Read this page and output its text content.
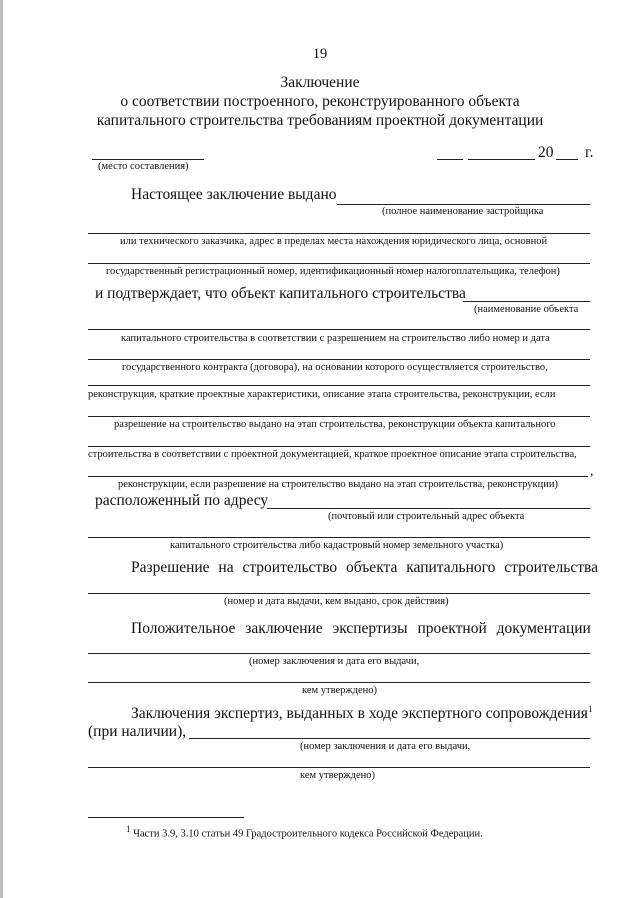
19
Заключение
о соответствии построенного, реконструированного объекта
капитального строительства требованиям проектной документации
(место составления)
20 г.
Настоящее заключение выдано
(полное наименование застройщика
или технического заказчика, адрес в пределах места нахождения юридического лица, основной
государственный регистрационный номер, идентификационный номер налогоплательщика, телефон)
и подтверждает, что объект капитального строительства
(наименование объекта
капитального строительства в соответствии с разрешением на строительство либо номер и дата
государственного контракта (договора), на основании которого осуществляется строительство,
реконструкция, краткие проектные характеристики, описание этапа строительства, реконструкции, если
разрешение на строительство выдано на этап строительства, реконструкции объекта капитального
строительства в соответствии с проектной документацией, краткое проектное описание этапа строительства,
,
реконструкции, если разрешение на строительство выдано на этап строительства, реконструкции)
расположенный по адресу
(почтовый или строительный адрес объекта
капитального строительства либо кадастровый номер земельного участка)
Разрешение на строительство объекта капитального строительства
(номер и дата выдачи, кем выдано, срок действия)
Положительное заключение экспертизы проектной документации
(номер заключения и дата его выдачи,
кем утверждено)
Заключения экспертиз, выданных в ходе экспертного сопровождения$^1$
(при наличии),
(номер заключения и дата его выдачи,
кем утверждено)
$^1$ Части 3.9, 3.10 статьи 49 Градостроительного кодекса Российской Федерации.
